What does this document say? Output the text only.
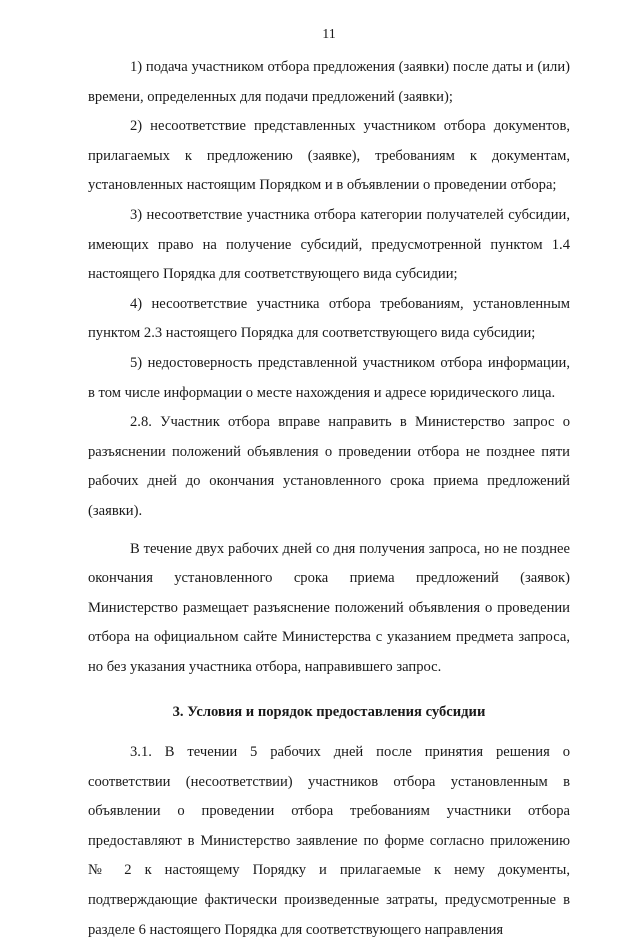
11

1) подача участником отбора предложения (заявки) после даты и (или) времени, определенных для подачи предложений (заявки);

2) несоответствие представленных участником отбора документов, прилагаемых к предложению (заявке), требованиям к документам, установленных настоящим Порядком и в объявлении о проведении отбора;

3) несоответствие участника отбора категории получателей субсидии, имеющих право на получение субсидий, предусмотренной пунктом 1.4 настоящего Порядка для соответствующего вида субсидии;

4) несоответствие участника отбора требованиям, установленным пунктом 2.3 настоящего Порядка для соответствующего вида субсидии;

5) недостоверность представленной участником отбора информации, в том числе информации о месте нахождения и адресе юридического лица.

2.8. Участник отбора вправе направить в Министерство запрос о разъяснении положений объявления о проведении отбора не позднее пяти рабочих дней до окончания установленного срока приема предложений (заявки).

В течение двух рабочих дней со дня получения запроса, но не позднее окончания установленного срока приема предложений (заявок) Министерство размещает разъяснение положений объявления о проведении отбора на официальном сайте Министерства с указанием предмета запроса, но без указания участника отбора, направившего запрос.

3. Условия и порядок предоставления субсидии

3.1. В течении 5 рабочих дней после принятия решения о соответствии (несоответствии) участников отбора установленным в объявлении о проведении отбора требованиям участники отбора предоставляют в Министерство заявление по форме согласно приложению № 2 к настоящему Порядку и прилагаемые к нему документы, подтверждающие фактически произведенные затраты, предусмотренные в разделе 6 настоящего Порядка для соответствующего направления
